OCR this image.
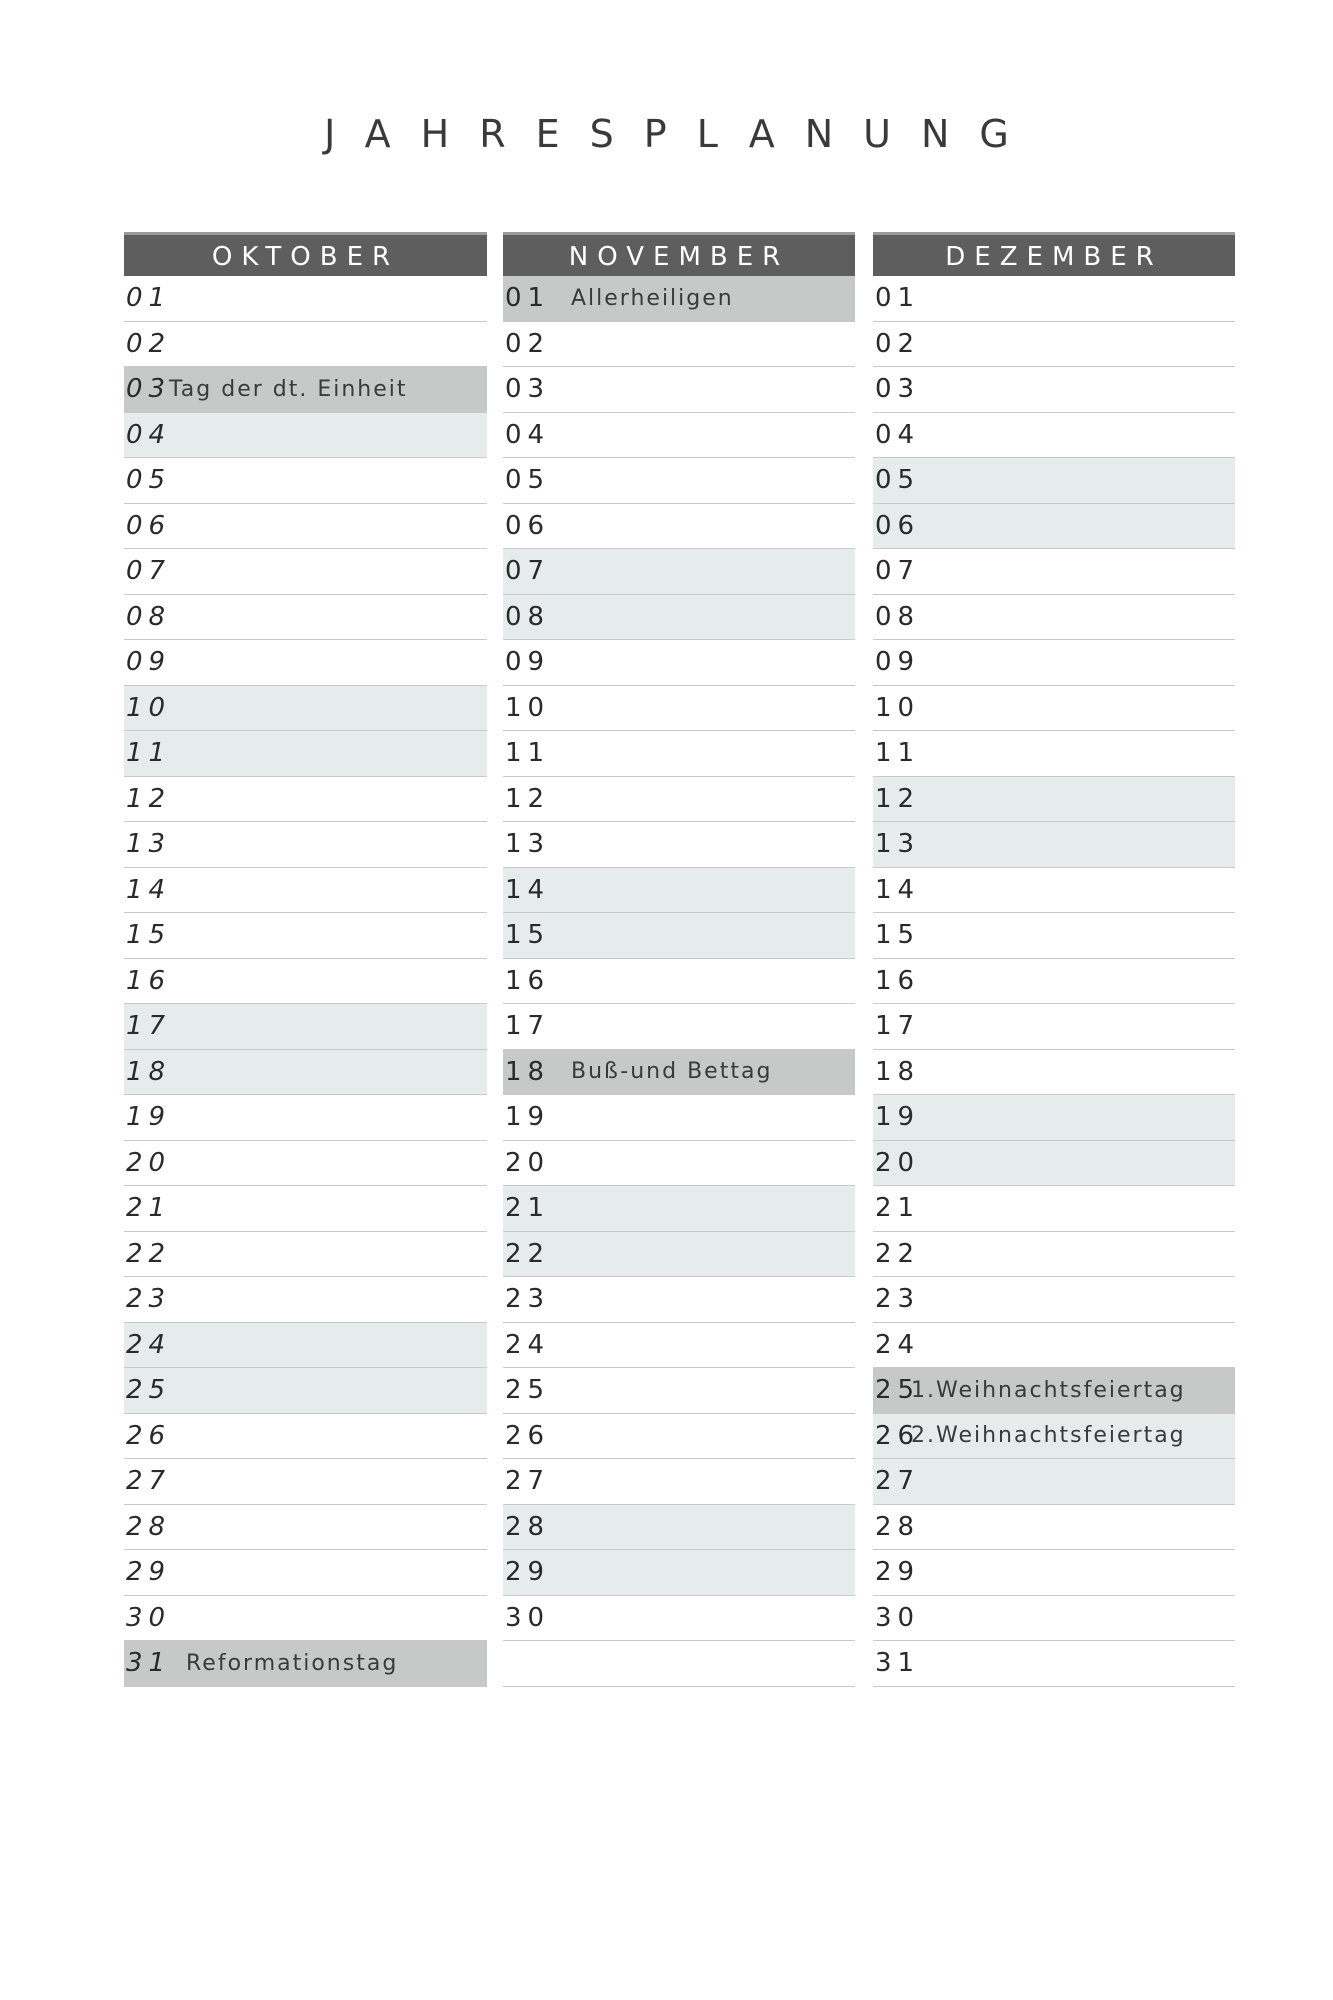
JAHRESPLANUNG
OKTOBER
01
02
03
Tag der dt. Einheit
04
05
06
07
08
09
10
11
12
13
14
15
16
17
18
19
20
21
22
23
24
25
26
27
28
29
30
31 Reformationstag
NOVEMBER
01 Allerheiligen
02
03
04
05
06
07
08
09
10
11
12
13
14
15
16
17
18 Buß-und Bettag
19
20
21
22
23
24
25
26
27
28
29
30
DEZEMBER
01
02
03
04
05
06
07
08
09
10
11
12
13
14
15
16
17
18
19
20
21
22
23
24
25
1.Weihnachtsfeiertag
26
2.Weihnachtsfeiertag
27
28
29
30
31
